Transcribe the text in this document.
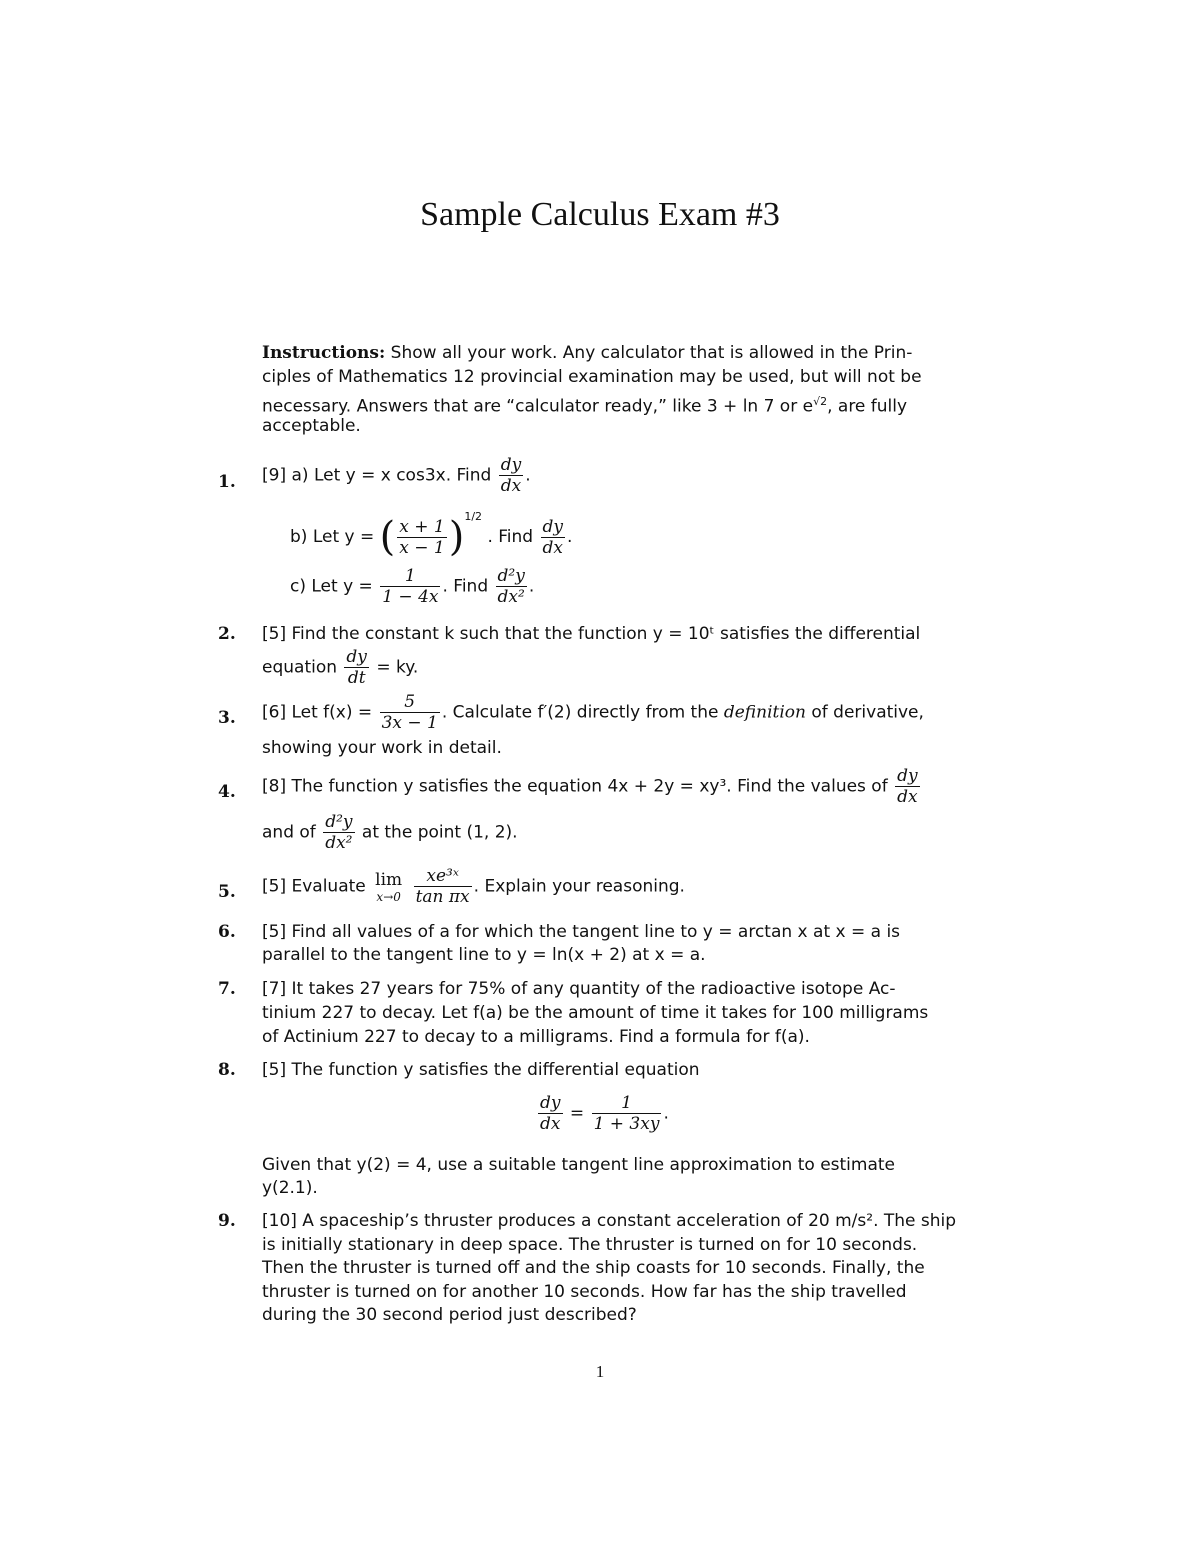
Sample Calculus Exam #3
Instructions: Show all your work. Any calculator that is allowed in the Prin-
ciples of Mathematics 12 provincial examination may be used, but will not be
necessary. Answers that are “calculator ready,” like 3 + ln 7 or $e^{√2}$, are fully
acceptable.
1. [9] a) Let y = x cos3x. Find $\frac{dy}{dx}$ .
b) Let y = ( $\frac{x + 1}{x - 1} )^{1/2}$ . Find $\frac{dy}{dx}$ .
c) Let $y = \frac{1}{1 - 4x}$ . Find $\frac{\text{d²y}}{\text{dx²}}$ .
2. [5] Find the constant k such that the function y = 10ᵗ satisfies the differential
equation $\frac{dy}{dt}$ = ky.
3. [6] Let $f(x) = \frac{5}{3x - 1}$ . Calculate f′(2) directly from the definition of derivative,
showing your work in detail.
4. [8] The function y satisfies the equation 4x + 2y = xy³. Find the values of $\frac{dy}{dx}$
and of $\frac{\text{d²y}}{\text{dx²}}$ at the point (1, 2).
5. [5] Evaluate lim
x→0
$\frac{\text{xe³ˣ}}{\text{tan πx}}$ . Explain your reasoning.
6. [5] Find all values of a for which the tangent line to y = arctan x at x = a is
parallel to the tangent line to y = ln(x + 2) at x = a.
7. [7] It takes 27 years for 75% of any quantity of the radioactive isotope Ac-
tinium 227 to decay. Let f(a) be the amount of time it takes for 100 milligrams
of Actinium 227 to decay to a milligrams. Find a formula for f(a).
8. [5] The function y satisfies the differential equation
$\frac{dy}{dx} = \frac{1}{1 + 3xy}$ .
Given that y(2) = 4, use a suitable tangent line approximation to estimate
y(2.1).
9. [10] A spaceship’s thruster produces a constant acceleration of 20 m/s². The ship
is initially stationary in deep space. The thruster is turned on for 10 seconds.
Then the thruster is turned off and the ship coasts for 10 seconds. Finally, the
thruster is turned on for another 10 seconds. How far has the ship travelled
during the 30 second period just described?
1
